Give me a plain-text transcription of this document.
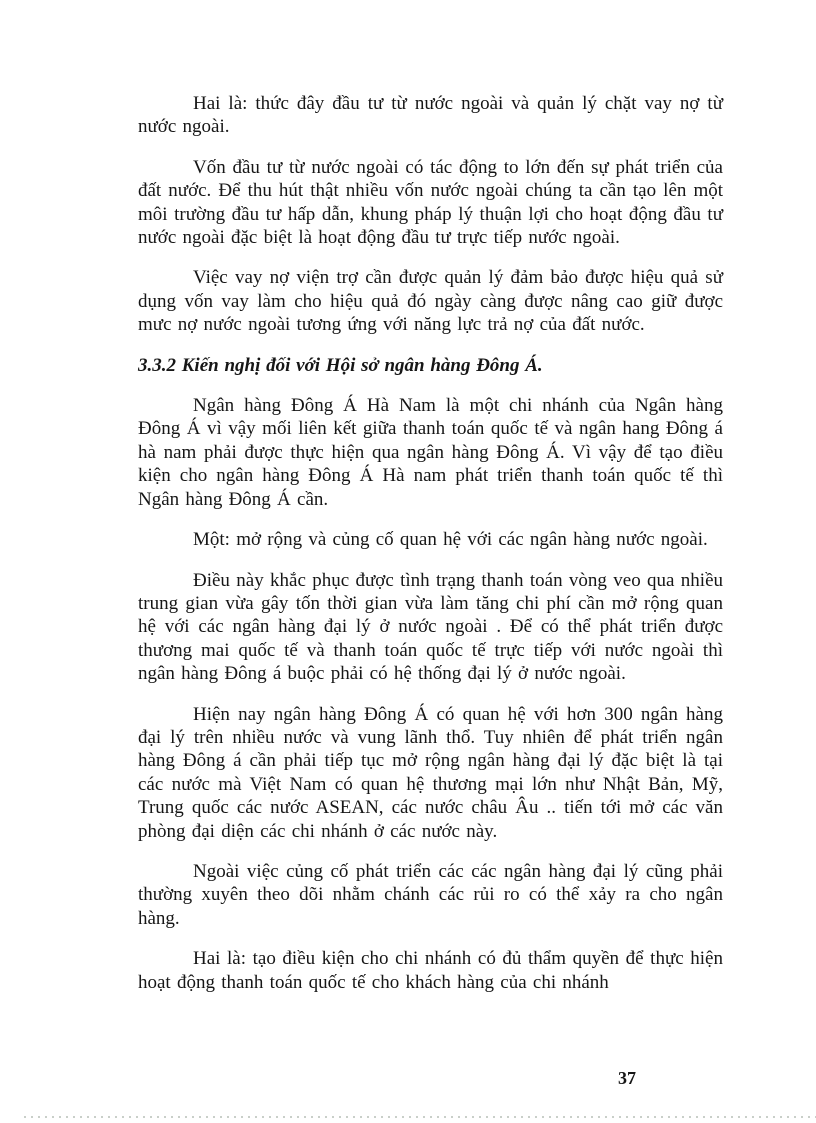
Hai là: thức đây đầu tư từ nước ngoài và quản lý chặt vay nợ từ nước ngoài.

Vốn đầu tư từ nước ngoài có tác động to lớn đến sự phát triển của đất nước. Để thu hút thật nhiều vốn nước ngoài chúng ta cần tạo lên một môi trường đầu tư hấp dẫn, khung pháp lý thuận lợi cho hoạt động đầu tư nước ngoài đặc biệt là hoạt động đầu tư trực tiếp nước ngoài.

Việc vay nợ viện trợ cần được quản lý đảm bảo được hiệu quả sử dụng vốn vay làm cho hiệu quả đó ngày càng được nâng cao giữ được mưc nợ nước ngoài tương ứng với năng lực trả nợ của đất nước.

3.3.2 Kiến nghị đối với Hội sở ngân hàng Đông Á.

Ngân hàng Đông Á Hà Nam là một chi nhánh của Ngân hàng Đông Á vì vậy mối liên kết giữa thanh toán quốc tế và ngân hang Đông á hà nam phải được thực hiện qua ngân hàng Đông Á. Vì vậy để tạo điều kiện cho ngân hàng Đông Á Hà nam phát triển thanh toán quốc tế thì Ngân hàng Đông Á cần.

Một: mở rộng và củng cố quan hệ với các ngân hàng nước ngoài.

Điều này khắc phục được tình trạng thanh toán vòng veo qua nhiều trung gian vừa gây tốn thời gian vừa làm tăng chi phí cần mở rộng quan hệ với các ngân hàng đại lý ở nước ngoài . Để có thể phát triển được thương mai quốc tế và thanh toán quốc tế trực tiếp với nước ngoài thì ngân hàng Đông á buộc phải có hệ thống đại lý ở nước ngoài.

Hiện nay ngân hàng Đông Á có quan hệ với hơn 300 ngân hàng đại lý trên nhiều nước và vung lãnh thổ. Tuy nhiên để phát triển ngân hàng Đông á cần phải tiếp tục mở rộng ngân hàng đại lý đặc biệt là tại các nước mà Việt Nam có quan hệ thương mại lớn như Nhật Bản, Mỹ, Trung quốc các nước ASEAN, các nước châu Âu .. tiến tới mở các văn phòng đại diện các chi nhánh ở các nước này.

Ngoài việc củng cố phát triển các các ngân hàng đại lý cũng phải thường xuyên theo dõi nhằm chánh các rủi ro có thể xảy ra cho ngân hàng.

Hai là: tạo điều kiện cho chi nhánh có đủ thẩm quyền để thực hiện hoạt động thanh toán quốc tế cho khách hàng của chi nhánh

37
